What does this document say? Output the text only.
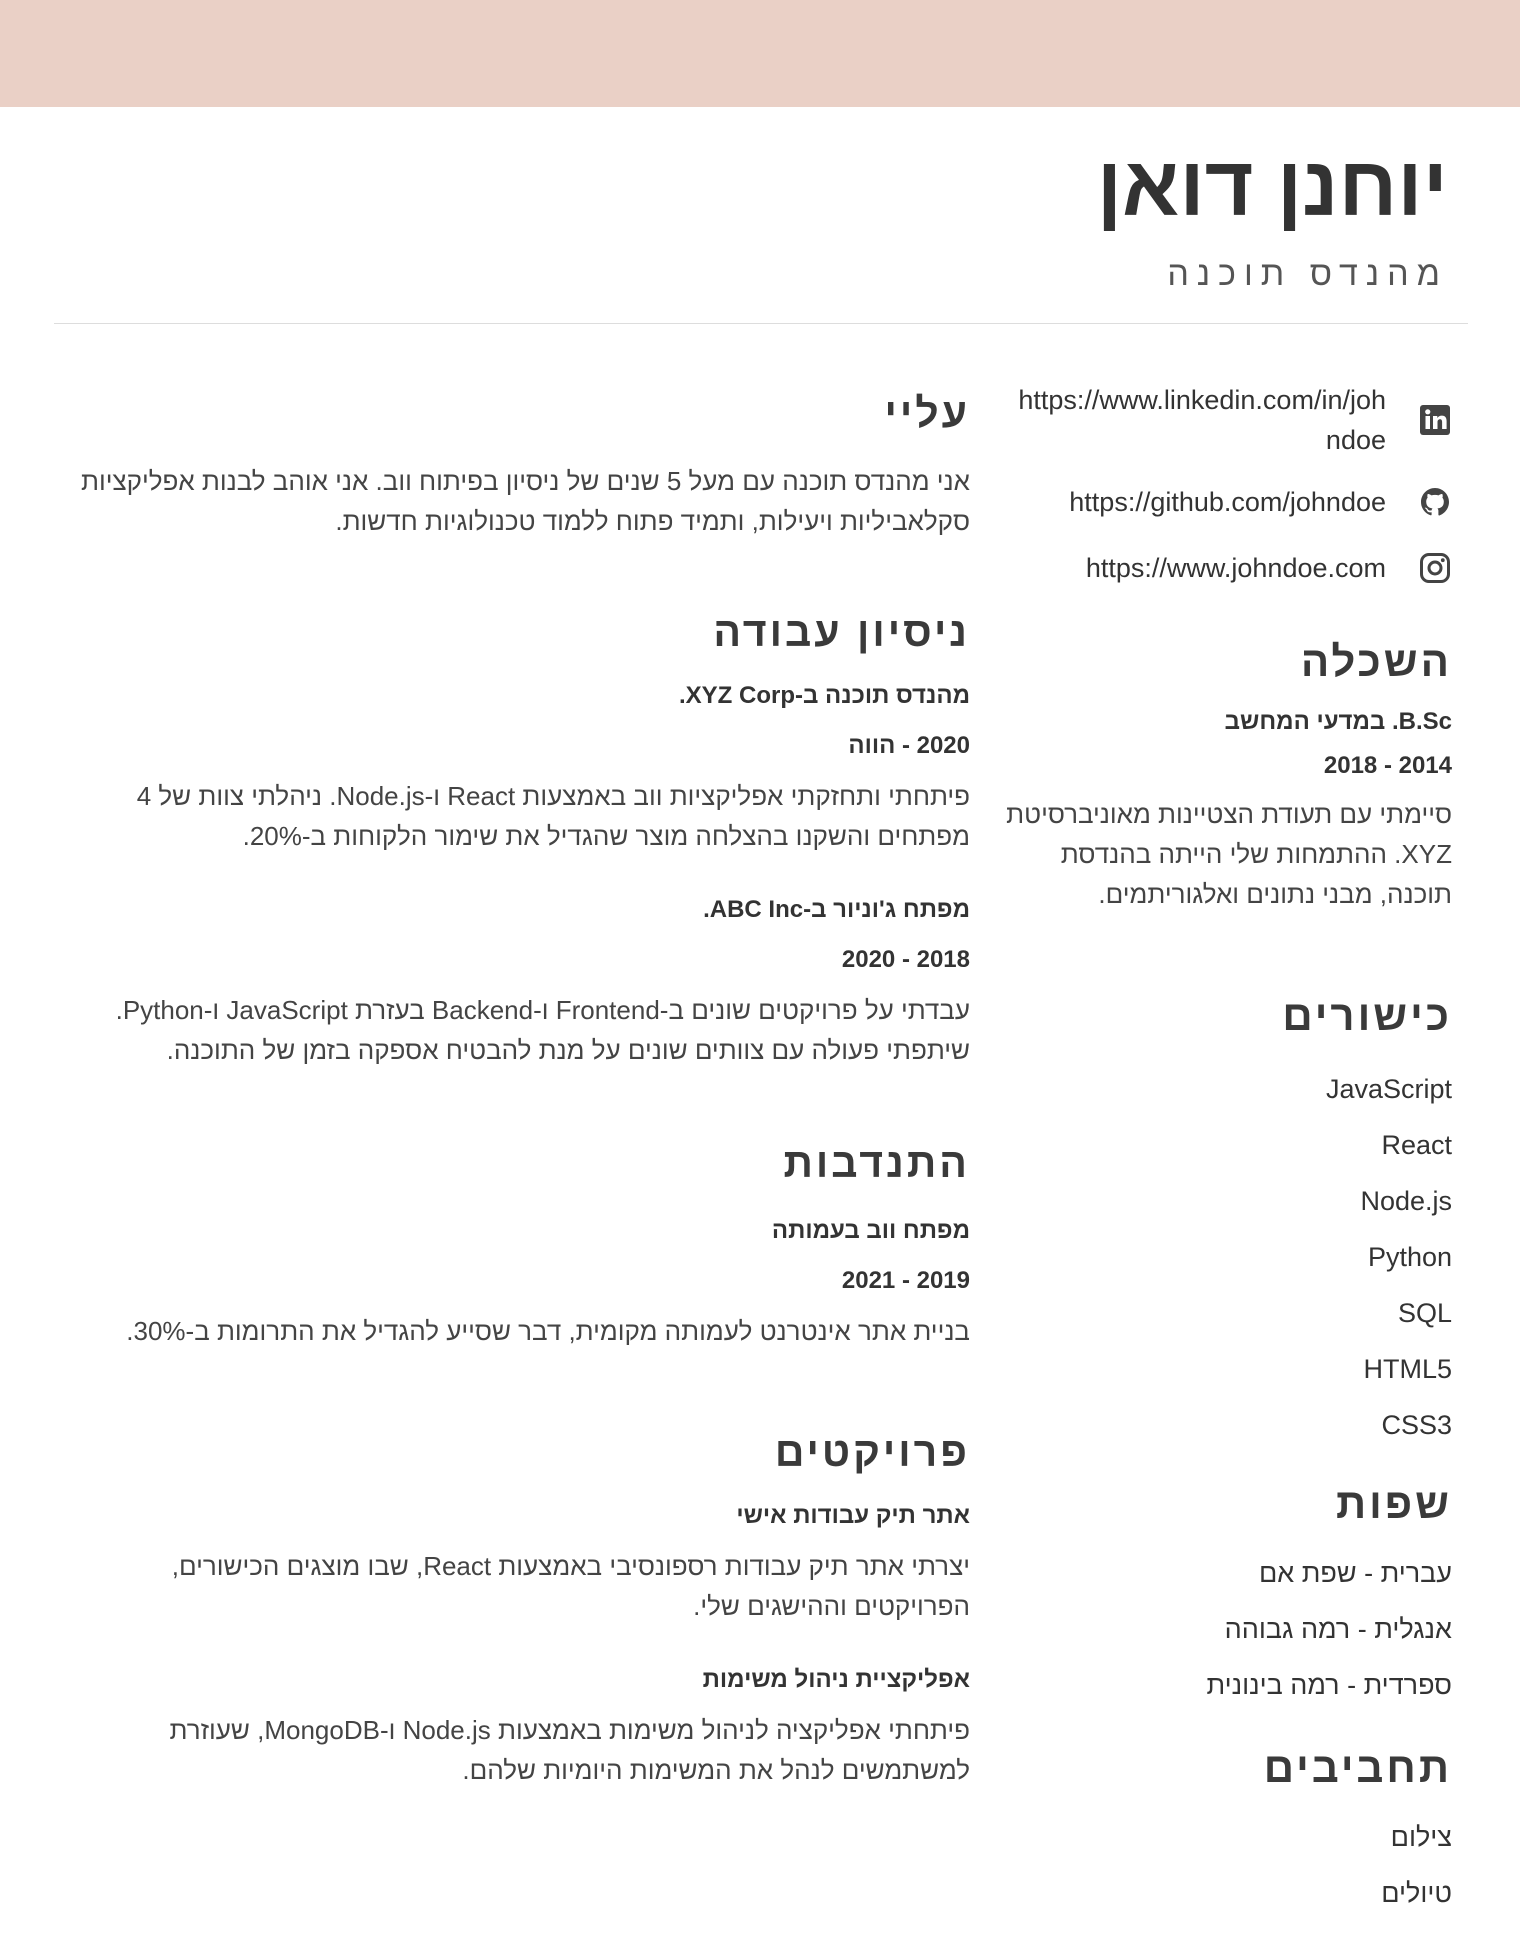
יוחנן דואן
מהנדס תוכנה
https://www.linkedin.com/in/johndoe
https://github.com/johndoe
https://www.johndoe.com
השכלה
B.Sc. במדעי המחשב
2014 - 2018

סיימתי עם תעודת הצטיינות מאוניברסיטת XYZ. ההתמחות שלי הייתה בהנדסת תוכנה, מבני נתונים ואלגוריתמים.

כישורים
JavaScript
React
Node.js
Python
SQL
HTML5
CSS3
שפות
עברית - שפת אם
אנגלית - רמה גבוהה
ספרדית - רמה בינונית
תחביבים
צילום
טיולים
עליי

אני מהנדס תוכנה עם מעל 5 שנים של ניסיון בפיתוח ווב. אני אוהב לבנות אפליקציות סקלאביליות ויעילות, ותמיד פתוח ללמוד טכנולוגיות חדשות.

ניסיון עבודה
מהנדס תוכנה ב-XYZ Corp.
2020 - הווה

פיתחתי ותחזקתי אפליקציות ווב באמצעות React ו-Node.js. ניהלתי צוות של 4 מפתחים והשקנו בהצלחה מוצר שהגדיל את שימור הלקוחות ב-20%.

מפתח ג'וניור ב-ABC Inc.
2018 - 2020

עבדתי על פרויקטים שונים ב-Frontend ו-Backend בעזרת JavaScript ו-Python. שיתפתי פעולה עם צוותים שונים על מנת להבטיח אספקה בזמן של התוכנה.

התנדבות
מפתח ווב בעמותה
2019 - 2021

בניית אתר אינטרנט לעמותה מקומית, דבר שסייע להגדיל את התרומות ב-30%.

פרויקטים
אתר תיק עבודות אישי

יצרתי אתר תיק עבודות רספונסיבי באמצעות React, שבו מוצגים הכישורים, הפרויקטים וההישגים שלי.

אפליקציית ניהול משימות

פיתחתי אפליקציה לניהול משימות באמצעות Node.js ו-MongoDB, שעוזרת למשתמשים לנהל את המשימות היומיות שלהם.
